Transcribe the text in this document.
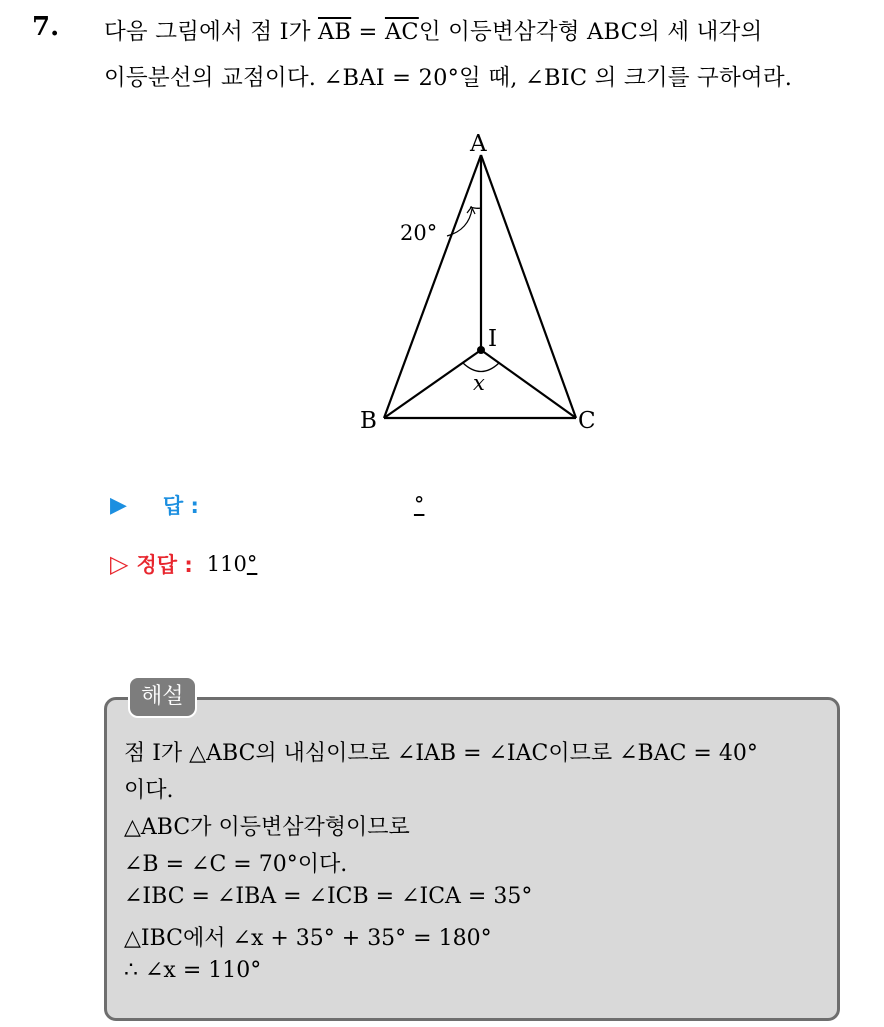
7. 다음 그림에서 점 I가 $\overline{AB} = \overline{AC}$인 이등변삼각형 ABC의 세 내각의
이등분선의 교점이다. ∠BAI = 20°일 때, ∠BIC 의 크기를 구하여라.
A
B	C
I
20°
x
▶ 답 :	°
▷ 정답 : 110 °
해설
점 I가 △ABC의 내심이므로 ∠IAB = ∠IAC이므로 ∠BAC = 40°
이다.
△ABC가 이등변삼각형이므로
∠B = ∠C = 70°이다.
∠IBC = ∠IBA = ∠ICB = ∠ICA = 35°
△IBC에서 ∠x + 35° + 35° = 180°
∴ ∠x = 110°
